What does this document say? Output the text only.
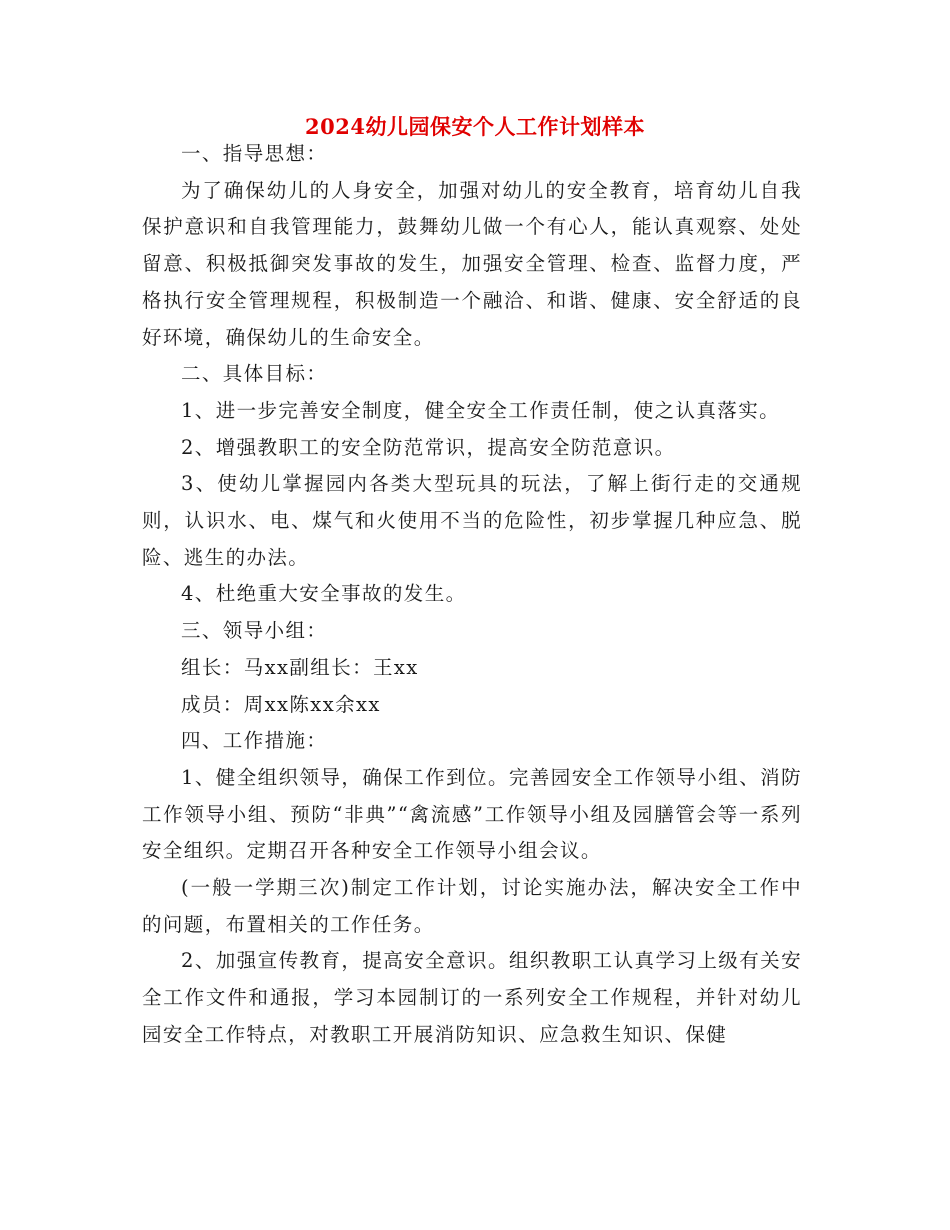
2024幼儿园保安个人工作计划样本

一、指导思想：

为了确保幼儿的人身安全，加强对幼儿的安全教育，培育幼儿自我保护意识和自我管理能力，鼓舞幼儿做一个有心人，能认真观察、处处留意、积极抵御突发事故的发生，加强安全管理、检查、监督力度，严格执行安全管理规程，积极制造一个融洽、和谐、健康、安全舒适的良好环境，确保幼儿的生命安全。

二、具体目标：

1、进一步完善安全制度，健全安全工作责任制，使之认真落实。

2、增强教职工的安全防范常识，提高安全防范意识。

3、使幼儿掌握园内各类大型玩具的玩法，了解上街行走的交通规则，认识水、电、煤气和火使用不当的危险性，初步掌握几种应急、脱险、逃生的办法。

4、杜绝重大安全事故的发生。

三、领导小组：

组长：马xx副组长：王xx

成员：周xx陈xx余xx

四、工作措施：

1、健全组织领导，确保工作到位。完善园安全工作领导小组、消防工作领导小组、预防“非典”“禽流感”工作领导小组及园膳管会等一系列安全组织。定期召开各种安全工作领导小组会议。

(一般一学期三次)制定工作计划，讨论实施办法，解决安全工作中的问题，布置相关的工作任务。

2、加强宣传教育，提高安全意识。组织教职工认真学习上级有关安全工作文件和通报，学习本园制订的一系列安全工作规程，并针对幼儿园安全工作特点，对教职工开展消防知识、应急救生知识、保健
